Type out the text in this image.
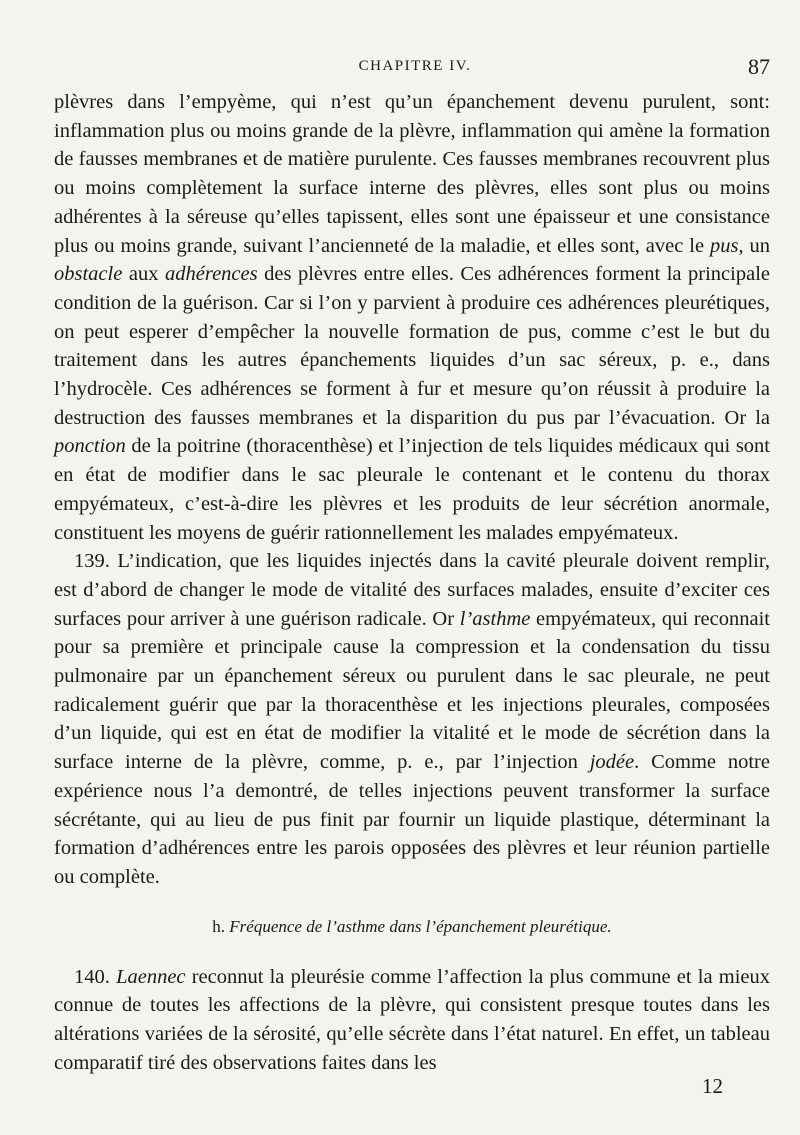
CHAPITRE IV.	87

plèvres dans l’empyème, qui n’est qu’un épanchement devenu purulent, sont: inflammation plus ou moins grande de la plèvre, inflammation qui amène la formation de fausses membranes et de matière purulente. Ces fausses membranes recouvrent plus ou moins complètement la surface interne des plèvres, elles sont plus ou moins adhérentes à la séreuse qu’elles tapissent, elles sont une épaisseur et une consistance plus ou moins grande, suivant l’ancienneté de la maladie, et elles sont, avec le pus, un obstacle aux adhérences des plèvres entre elles. Ces adhérences forment la principale condition de la guérison. Car si l’on y parvient à produire ces adhérences pleurétiques, on peut esperer d’empêcher la nouvelle formation de pus, comme c’est le but du traitement dans les autres épanchements liquides d’un sac séreux, p. e., dans l’hydrocèle. Ces adhérences se forment à fur et mesure qu’on réussit à produire la destruction des fausses membranes et la disparition du pus par l’évacuation. Or la ponction de la poitrine (thoracenthèse) et l’injection de tels liquides médicaux qui sont en état de modifier dans le sac pleurale le contenant et le contenu du thorax empyémateux, c’est-à-dire les plèvres et les produits de leur sécrétion anormale, constituent les moyens de guérir rationnellement les malades empyémateux.

139. L’indication, que les liquides injectés dans la cavité pleurale doivent remplir, est d’abord de changer le mode de vitalité des surfaces malades, ensuite d’exciter ces surfaces pour arriver à une guérison radicale. Or l’asthme empyémateux, qui reconnait pour sa première et principale cause la compression et la condensation du tissu pulmonaire par un épanchement séreux ou purulent dans le sac pleurale, ne peut radicalement guérir que par la thoracenthèse et les injections pleurales, composées d’un liquide, qui est en état de modifier la vitalité et le mode de sécrétion dans la surface interne de la plèvre, comme, p. e., par l’injection jodée. Comme notre expérience nous l’a demontré, de telles injections peuvent transformer la surface sécrétante, qui au lieu de pus finit par fournir un liquide plastique, déterminant la formation d’adhérences entre les parois opposées des plèvres et leur réunion partielle ou complète.

h. Fréquence de l’asthme dans l’épanchement pleurétique.

140. Laennec reconnut la pleurésie comme l’affection la plus commune et la mieux connue de toutes les affections de la plèvre, qui consistent presque toutes dans les altérations variées de la sérosité, qu’elle sécrète dans l’état naturel. En effet, un tableau comparatif tiré des observations faites dans les

12
